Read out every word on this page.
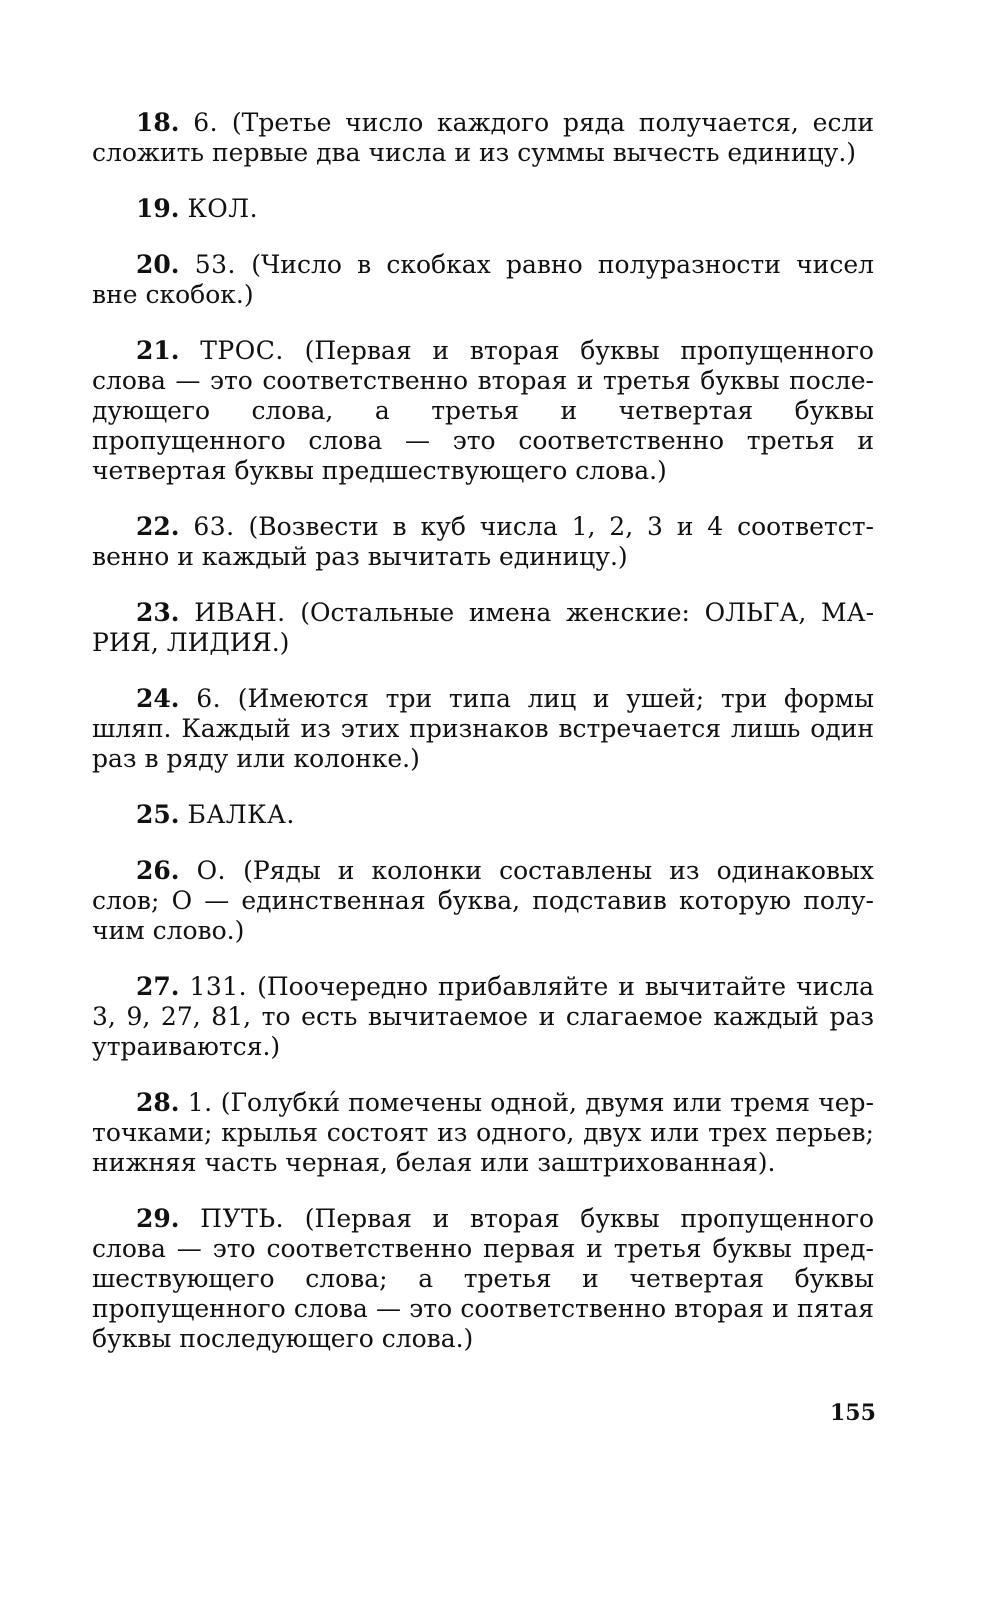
18. 6. (Третье число каждого ряда получается, если сложить первые два числа и из суммы вычесть единицу.)

19. КОЛ.

20. 53. (Число в скобках равно полуразности чисел вне скобок.)

21. ТРОС. (Первая и вторая буквы пропущенного слова — это соответственно вторая и третья буквы последующего слова, а третья и четвертая буквы пропущенного слова — это соответственно третья и четвертая буквы предшествующего слова.)

22. 63. (Возвести в куб числа 1, 2, 3 и 4 соответственно и каждый раз вычитать единицу.)

23. ИВАН. (Остальные имена женские: ОЛЬГА, МАРИЯ, ЛИДИЯ.)

24. 6. (Имеются три типа лиц и ушей; три формы шляп. Каждый из этих признаков встречается лишь один раз в ряду или колонке.)

25. БАЛКА.

26. О. (Ряды и колонки составлены из одинаковых слов; О — единственная буква, подставив которую получим слово.)

27. 131. (Поочередно прибавляйте и вычитайте числа 3, 9, 27, 81, то есть вычитаемое и слагаемое каждый раз утраиваются.)

28. 1. (Голубки́ помечены одной, двумя или тремя черточками; крылья состоят из одного, двух или трех перьев; нижняя часть черная, белая или заштрихованная).

29. ПУТЬ. (Первая и вторая буквы пропущенного слова — это соответственно первая и третья буквы предшествующего слова; а третья и четвертая буквы пропущенного слова — это соответственно вторая и пятая буквы последующего слова.)

155
